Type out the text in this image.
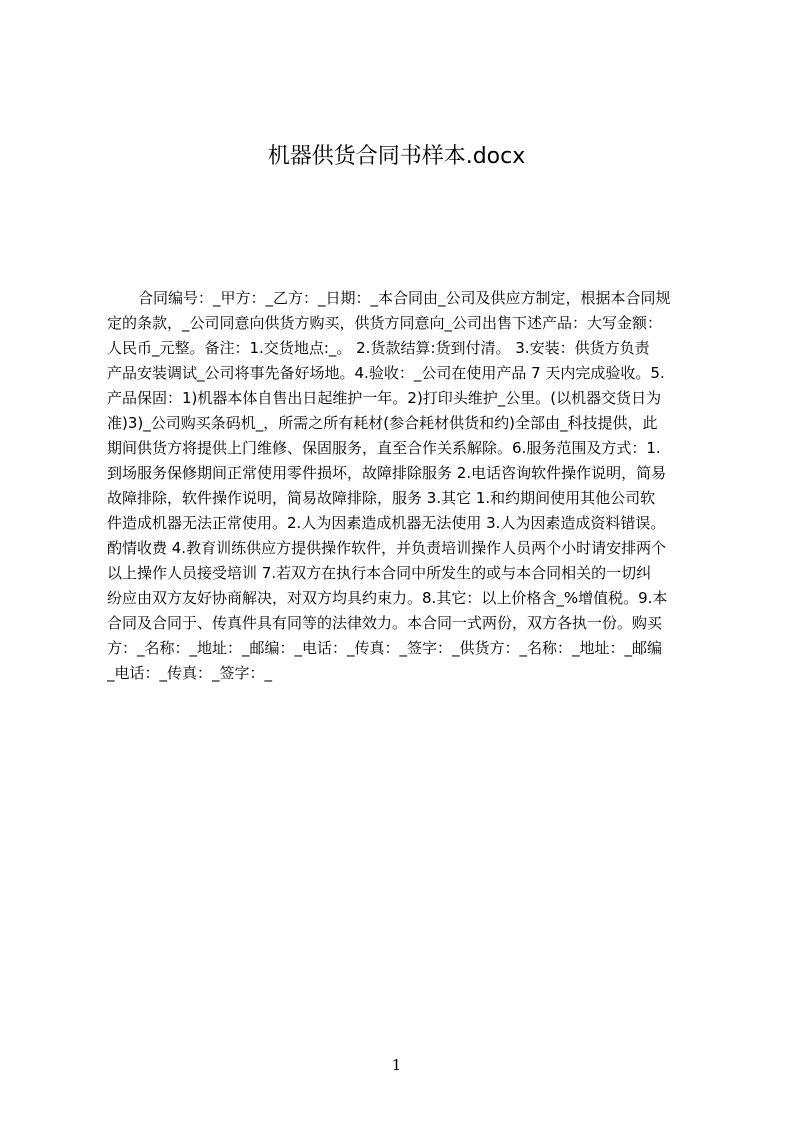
机器供货合同书样本.docx
合同编号：_甲方：_乙方：_日期：_本合同由_公司及供应方制定，根据本合同规
定的条款，_公司同意向供货方购买，供货方同意向_公司出售下述产品：大写金额：
人民币_元整。备注：1.交货地点:_。 2.货款结算:货到付清。 3.安装：供货方负责
产品安装调试_公司将事先备好场地。4.验收：_公司在使用产品 7 天内完成验收。5.
产品保固：1)机器本体自售出日起维护一年。2)打印头维护_公里。(以机器交货日为
准)3)_公司购买条码机_，所需之所有耗材(参合耗材供货和约)全部由_科技提供，此
期间供货方将提供上门维修、保固服务，直至合作关系解除。6.服务范围及方式：1.
到场服务保修期间正常使用零件损坏，故障排除服务 2.电话咨询软件操作说明，简易
故障排除，软件操作说明，简易故障排除，服务 3.其它 1.和约期间使用其他公司软
件造成机器无法正常使用。2.人为因素造成机器无法使用 3.人为因素造成资料错误。
酌情收费 4.教育训练供应方提供操作软件，并负责培训操作人员两个小时请安排两个
以上操作人员接受培训 7.若双方在执行本合同中所发生的或与本合同相关的一切纠
纷应由双方友好协商解决，对双方均具约束力。8.其它：以上价格含_%增值税。9.本
合同及合同于、传真件具有同等的法律效力。本合同一式两份，双方各执一份。购买
方：_名称：_地址：_邮编：_电话：_传真：_签字：_供货方：_名称：_地址：_邮编
_电话：_传真：_签字：_
1
